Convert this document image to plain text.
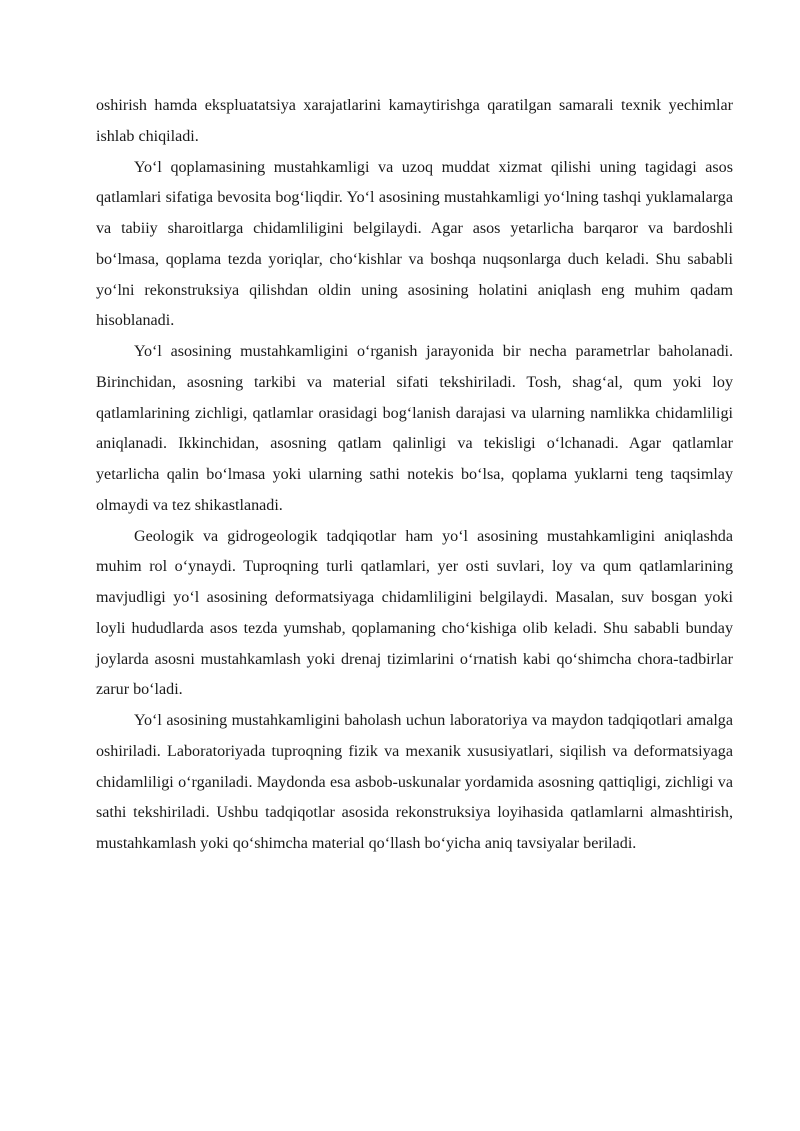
oshirish hamda ekspluatatsiya xarajatlarini kamaytirishga qaratilgan samarali texnik yechimlar ishlab chiqiladi.

Yo‘l qoplamasining mustahkamligi va uzoq muddat xizmat qilishi uning tagidagi asos qatlamlari sifatiga bevosita bog‘liqdir. Yo‘l asosining mustahkamligi yo‘lning tashqi yuklamalarga va tabiiy sharoitlarga chidamliligini belgilaydi. Agar asos yetarlicha barqaror va bardoshli bo‘lmasa, qoplama tezda yoriqlar, cho‘kishlar va boshqa nuqsonlarga duch keladi. Shu sababli yo‘lni rekonstruksiya qilishdan oldin uning asosining holatini aniqlash eng muhim qadam hisoblanadi.

Yo‘l asosining mustahkamligini o‘rganish jarayonida bir necha parametrlar baholanadi. Birinchidan, asosning tarkibi va material sifati tekshiriladi. Tosh, shag‘al, qum yoki loy qatlamlarining zichligi, qatlamlar orasidagi bog‘lanish darajasi va ularning namlikka chidamliligi aniqlanadi. Ikkinchidan, asosning qatlam qalinligi va tekisligi o‘lchanadi. Agar qatlamlar yetarlicha qalin bo‘lmasa yoki ularning sathi notekis bo‘lsa, qoplama yuklarni teng taqsimlay olmaydi va tez shikastlanadi.

Geologik va gidrogeologik tadqiqotlar ham yo‘l asosining mustahkamligini aniqlashda muhim rol o‘ynaydi. Tuproqning turli qatlamlari, yer osti suvlari, loy va qum qatlamlarining mavjudligi yo‘l asosining deformatsiyaga chidamliligini belgilaydi. Masalan, suv bosgan yoki loyli hududlarda asos tezda yumshab, qoplamaning cho‘kishiga olib keladi. Shu sababli bunday joylarda asosni mustahkamlash yoki drenaj tizimlarini o‘rnatish kabi qo‘shimcha chora-tadbirlar zarur bo‘ladi.

Yo‘l asosining mustahkamligini baholash uchun laboratoriya va maydon tadqiqotlari amalga oshiriladi. Laboratoriyada tuproqning fizik va mexanik xususiyatlari, siqilish va deformatsiyaga chidamliligi o‘rganiladi. Maydonda esa asbob-uskunalar yordamida asosning qattiqligi, zichligi va sathi tekshiriladi. Ushbu tadqiqotlar asosida rekonstruksiya loyihasida qatlamlarni almashtirish, mustahkamlash yoki qo‘shimcha material qo‘llash bo‘yicha aniq tavsiyalar beriladi.
